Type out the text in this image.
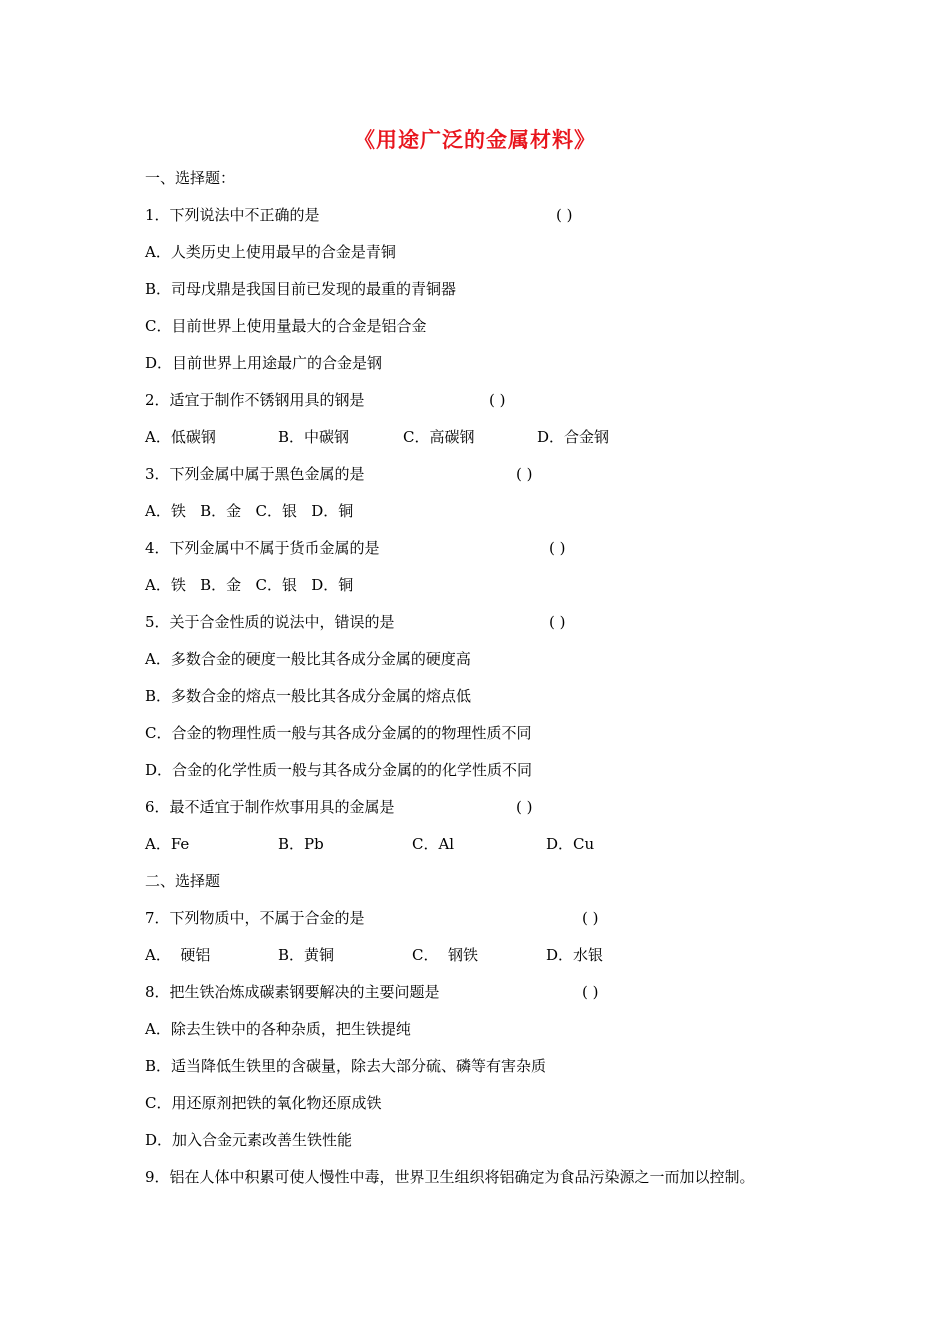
《用途广泛的金属材料》
一、选择题：
1．下列说法中不正确的是	( )
A．人类历史上使用最早的合金是青铜
B．司母戊鼎是我国目前已发现的最重的青铜器
C．目前世界上使用量最大的合金是铝合金
D．目前世界上用途最广的合金是钢
2．适宜于制作不锈钢用具的钢是	( )
A．低碳钢	B．中碳钢	C．高碳钢	D．合金钢
3．下列金属中属于黑色金属的是	( )
A．铁   B．金   C．银   D．铜
4．下列金属中不属于货币金属的是	( )
A．铁   B．金   C．银   D．铜
5．关于合金性质的说法中，错误的是	( )
A．多数合金的硬度一般比其各成分金属的硬度高
B．多数合金的熔点一般比其各成分金属的熔点低
C．合金的物理性质一般与其各成分金属的的物理性质不同
D．合金的化学性质一般与其各成分金属的的化学性质不同
6．最不适宜于制作炊事用具的金属是	( )
A．Fe	B．Pb	C．Al	D．Cu
二、选择题
7．下列物质中，不属于合金的是	( )
A．  硬铝	B．黄铜	C．  钢铁	D．水银
8．把生铁冶炼成碳素钢要解决的主要问题是	( )
A．除去生铁中的各种杂质，把生铁提纯
B．适当降低生铁里的含碳量，除去大部分硫、磷等有害杂质
C．用还原剂把铁的氧化物还原成铁
D．加入合金元素改善生铁性能
9．铝在人体中积累可使人慢性中毒，世界卫生组织将铝确定为食品污染源之一而加以控制。
